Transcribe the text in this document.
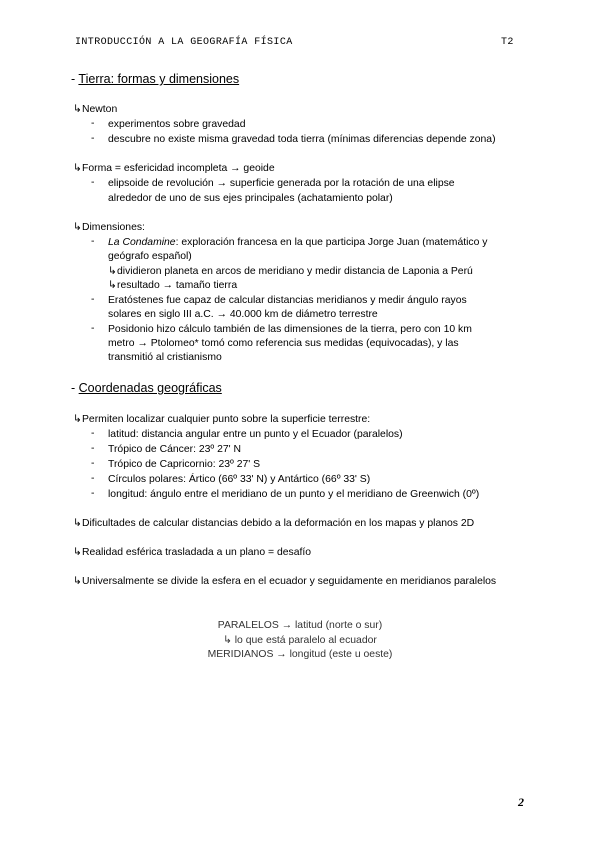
INTRODUCCIÓN A LA GEOGRAFÍA FÍSICA	T2
- Tierra: formas y dimensiones
↳Newton
- experimentos sobre gravedad
- descubre no existe misma gravedad toda tierra (mínimas diferencias depende zona)
↳Forma = esfericidad incompleta → geoide
- elipsoide de revolución → superficie generada por la rotación de una elipse
alrededor de uno de sus ejes principales (achatamiento polar)
↳Dimensiones:
- La Condamine: exploración francesa en la que participa Jorge Juan (matemático y
geógrafo español)
↳dividieron planeta en arcos de meridiano y medir distancia de Laponia a Perú
↳resultado → tamaño tierra
- Eratóstenes fue capaz de calcular distancias meridianos y medir ángulo rayos
solares en siglo III a.C. → 40.000 km de diámetro terrestre
- Posidonio hizo cálculo también de las dimensiones de la tierra, pero con 10 km
metro → Ptolomeo* tomó como referencia sus medidas (equivocadas), y las
transmitió al cristianismo
- Coordenadas geográficas
↳Permiten localizar cualquier punto sobre la superficie terrestre:
- latitud: distancia angular entre un punto y el Ecuador (paralelos)
- Trópico de Cáncer: 23º 27' N
- Trópico de Capricornio: 23º 27' S
- Círculos polares: Ártico (66º 33' N) y Antártico (66º 33' S)
- longitud: ángulo entre el meridiano de un punto y el meridiano de Greenwich (0º)
↳Dificultades de calcular distancias debido a la deformación en los mapas y planos 2D
↳Realidad esférica trasladada a un plano = desafío
↳Universalmente se divide la esfera en el ecuador y seguidamente en meridianos paralelos
PARALELOS → latitud (norte o sur)
↳ lo que está paralelo al ecuador
MERIDIANOS → longitud (este u oeste)
2
